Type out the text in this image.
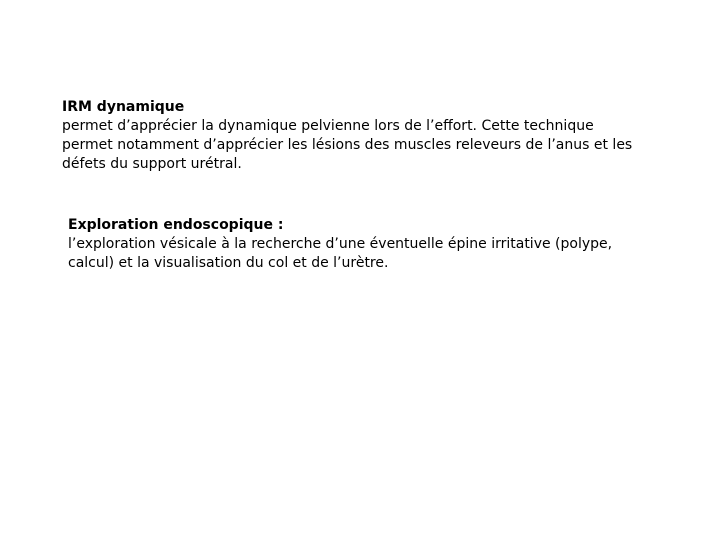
IRM dynamique
permet d’apprécier la dynamique pelvienne lors de l’effort. Cette technique
permet notamment d’apprécier les lésions des muscles releveurs de l’anus et les
défets du support urétral.
Exploration endoscopique :
l’exploration vésicale à la recherche d’une éventuelle épine irritative (polype,
calcul) et la visualisation du col et de l’urètre.
